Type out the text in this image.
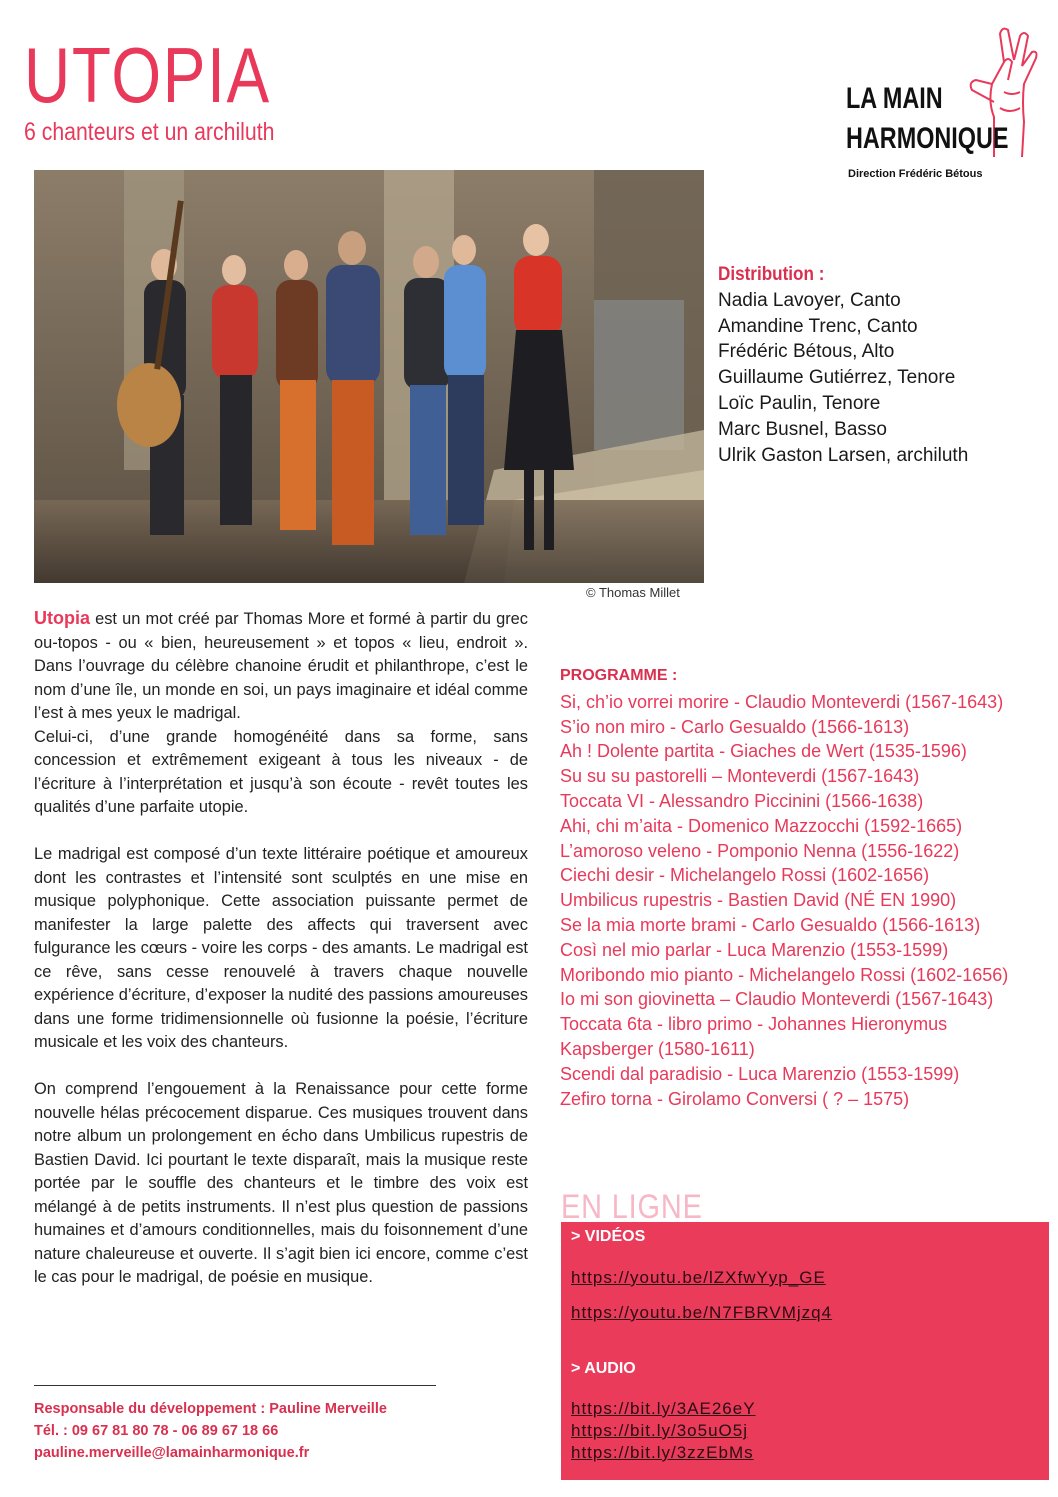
UTOPIA
6 chanteurs et un archiluth
LA MAIN
HARMONIQUE
Direction Frédéric Bétous
© Thomas Millet
Distribution :
Nadia Lavoyer, Canto
Amandine Trenc, Canto
Frédéric Bétous, Alto
Guillaume Gutiérrez, Tenore
Loïc Paulin, Tenore
Marc Busnel, Basso
Ulrik Gaston Larsen, archiluth

Utopia est un mot créé par Thomas More et formé à partir du grec ou-topos - ou « bien, heureusement » et topos « lieu, endroit ». Dans l’ouvrage du célèbre chanoine érudit et philanthrope, c’est le nom d’une île, un monde en soi, un pays imaginaire et idéal comme l’est à mes yeux le madrigal.

Celui-ci, d’une grande homogénéité dans sa forme, sans concession et extrêmement exigeant à tous les niveaux - de l’écriture à l’interprétation et jusqu’à son écoute - revêt toutes les qualités d’une parfaite utopie.

Le madrigal est composé d’un texte littéraire poétique et amoureux dont les contrastes et l’intensité sont sculptés en une mise en musique polyphonique. Cette association puissante permet de manifester la large palette des affects qui traversent avec fulgurance les cœurs - voire les corps - des amants. Le madrigal est ce rêve, sans cesse renouvelé à travers chaque nouvelle expérience d’écriture, d’exposer la nudité des passions amoureuses dans une forme tridimensionnelle où fusionne la poésie, l’écriture musicale et les voix des chanteurs.

On comprend l’engouement à la Renaissance pour cette forme nouvelle hélas précocement disparue. Ces musiques trouvent dans notre album un prolongement en écho dans Umbilicus rupestris de Bastien David. Ici pourtant le texte disparaît, mais la musique reste portée par le souffle des chanteurs et le timbre des voix est mélangé à de petits instruments. Il n’est plus question de passions humaines et d’amours conditionnelles, mais du foisonnement d’une nature chaleureuse et ouverte. Il s’agit bien ici encore, comme c’est le cas pour le madrigal, de poésie en musique.

PROGRAMME :
Si, ch’io vorrei morire - Claudio Monteverdi (1567-1643)
S’io non miro - Carlo Gesualdo (1566-1613)
Ah ! Dolente partita - Giaches de Wert (1535-1596)
Su su su pastorelli – Monteverdi (1567-1643)
Toccata VI - Alessandro Piccinini (1566-1638)
Ahi, chi m’aita - Domenico Mazzocchi (1592-1665)
L’amoroso veleno - Pomponio Nenna (1556-1622)
Ciechi desir - Michelangelo Rossi (1602-1656)
Umbilicus rupestris - Bastien David (NÉ EN 1990)
Se la mia morte brami - Carlo Gesualdo (1566-1613)
Così nel mio parlar - Luca Marenzio (1553-1599)
Moribondo mio pianto - Michelangelo Rossi (1602-1656)
Io mi son giovinetta – Claudio Monteverdi (1567-1643)
Toccata 6ta - libro primo - Johannes Hieronymus Kapsberger (1580-1611)
Scendi dal paradisio - Luca Marenzio (1553-1599)
Zefiro torna - Girolamo Conversi ( ? – 1575)
EN LIGNE
> VIDÉOS
https://youtu.be/lZXfwYyp_GE
https://youtu.be/N7FBRVMjzq4
> AUDIO
https://bit.ly/3AE26eY
https://bit.ly/3o5uO5j
https://bit.ly/3zzEbMs
Responsable du développement : Pauline Merveille
Tél. : 09 67 81 80 78 - 06 89 67 18 66
pauline.merveille@lamainharmonique.fr
